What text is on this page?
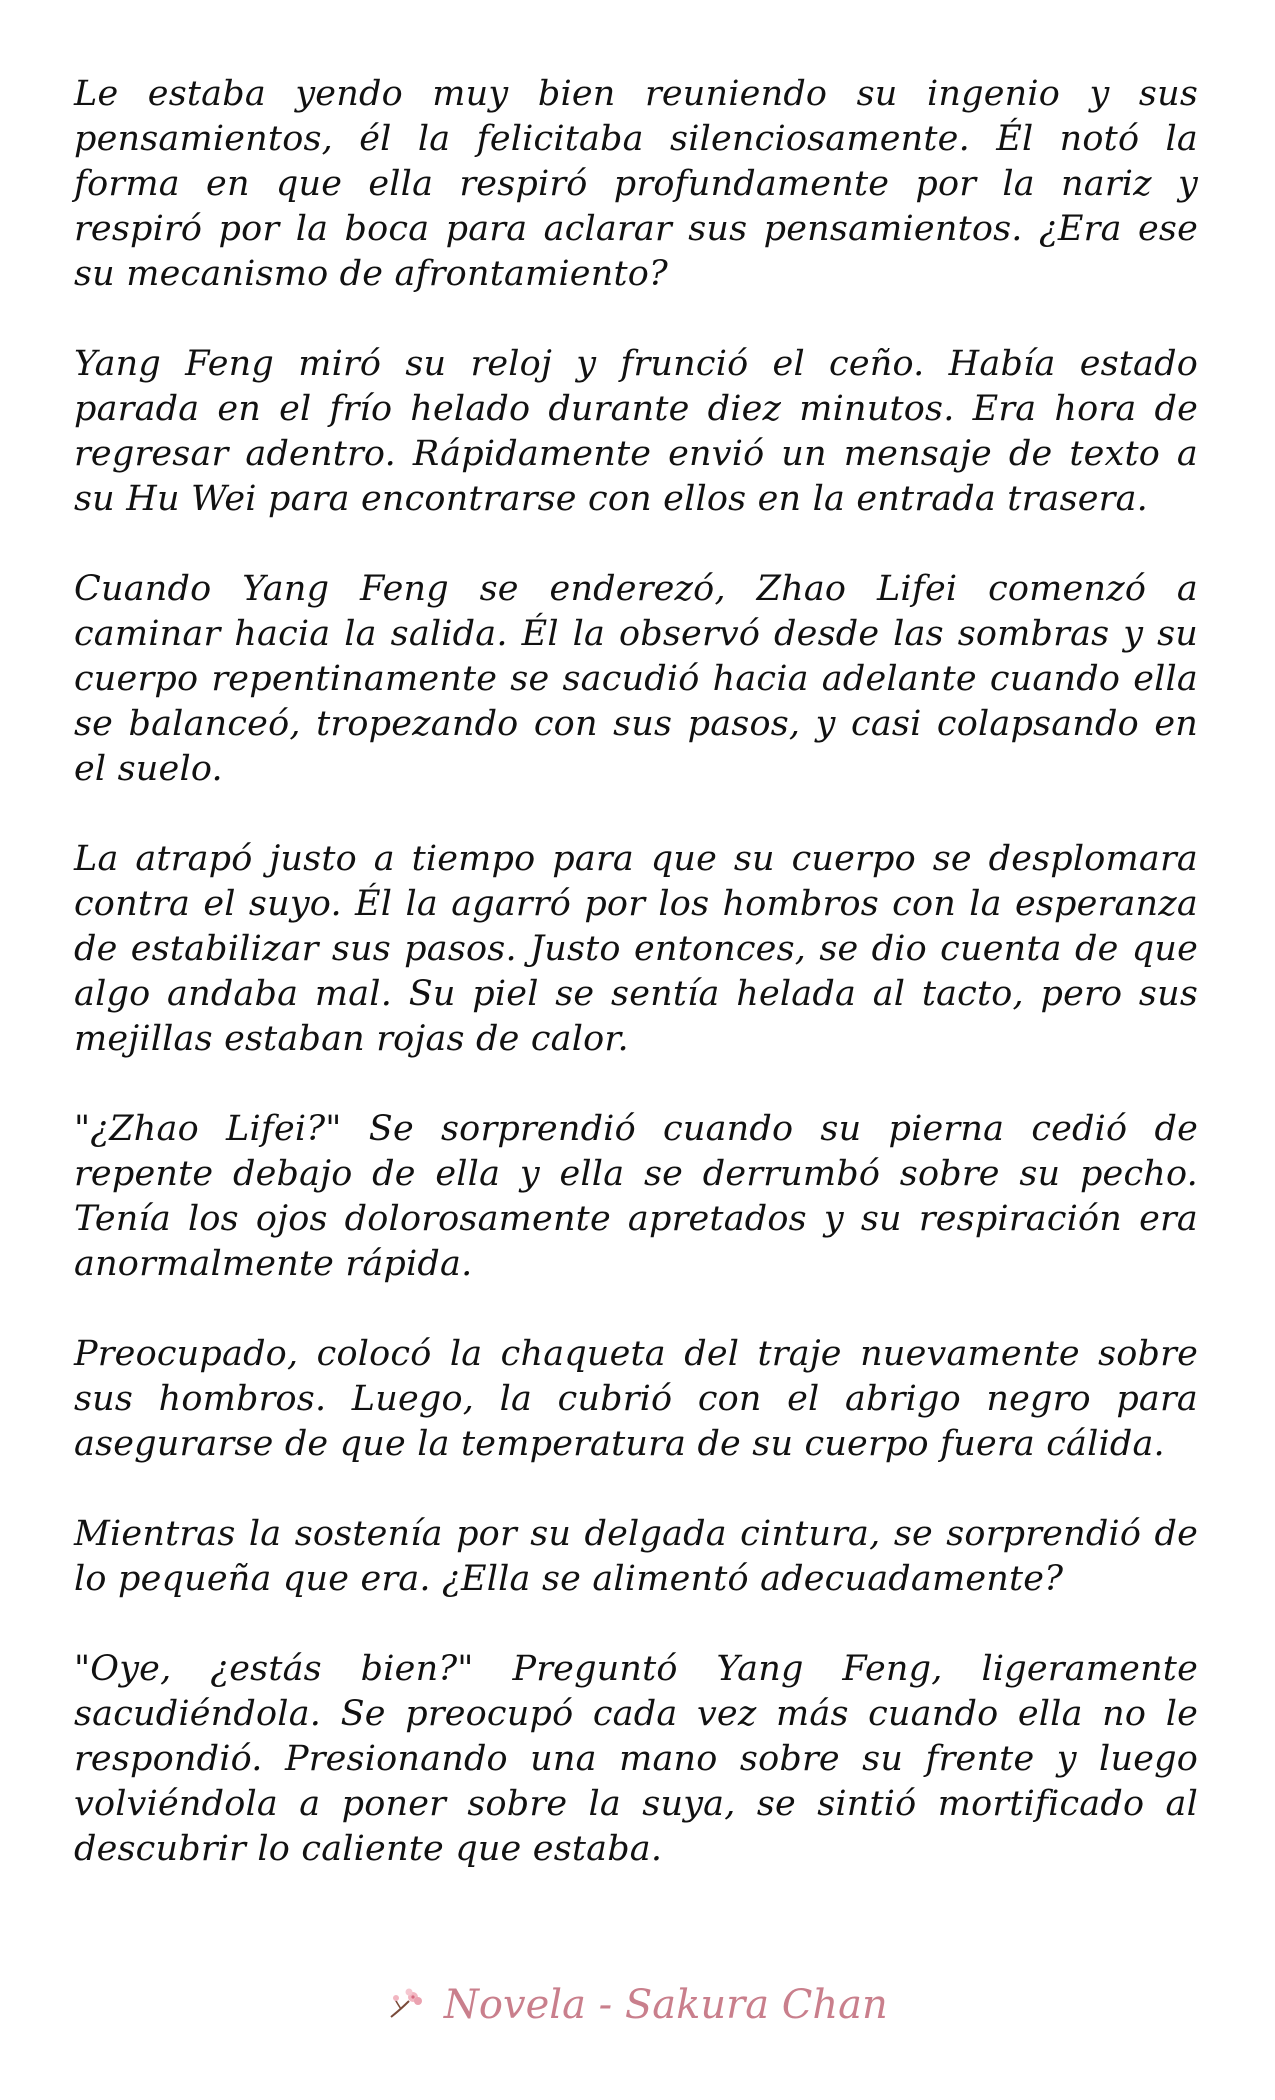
Le estaba yendo muy bien reuniendo su ingenio y sus pensamientos, él la felicitaba silenciosamente. Él notó la forma en que ella respiró profundamente por la nariz y respiró por la boca para aclarar sus pensamientos. ¿Era ese su mecanismo de afrontamiento?

Yang Feng miró su reloj y frunció el ceño. Había estado parada en el frío helado durante diez minutos. Era hora de regresar adentro. Rápidamente envió un mensaje de texto a su Hu Wei para encontrarse con ellos en la entrada trasera.

Cuando Yang Feng se enderezó, Zhao Lifei comenzó a caminar hacia la salida. Él la observó desde las sombras y su cuerpo repentinamente se sacudió hacia adelante cuando ella se balanceó, tropezando con sus pasos, y casi colapsando en el suelo.

La atrapó justo a tiempo para que su cuerpo se desplomara contra el suyo. Él la agarró por los hombros con la esperanza de estabilizar sus pasos. Justo entonces, se dio cuenta de que algo andaba mal. Su piel se sentía helada al tacto, pero sus mejillas estaban rojas de calor.

"¿Zhao Lifei?" Se sorprendió cuando su pierna cedió de repente debajo de ella y ella se derrumbó sobre su pecho. Tenía los ojos dolorosamente apretados y su respiración era anormalmente rápida.

Preocupado, colocó la chaqueta del traje nuevamente sobre sus hombros. Luego, la cubrió con el abrigo negro para asegurarse de que la temperatura de su cuerpo fuera cálida.

Mientras la sostenía por su delgada cintura, se sorprendió de lo pequeña que era. ¿Ella se alimentó adecuadamente?

"Oye, ¿estás bien?" Preguntó Yang Feng, ligeramente sacudiéndola. Se preocupó cada vez más cuando ella no le respondió. Presionando una mano sobre su frente y luego volviéndola a poner sobre la suya, se sintió mortificado al descubrir lo caliente que estaba.

Novela - Sakura Chan
